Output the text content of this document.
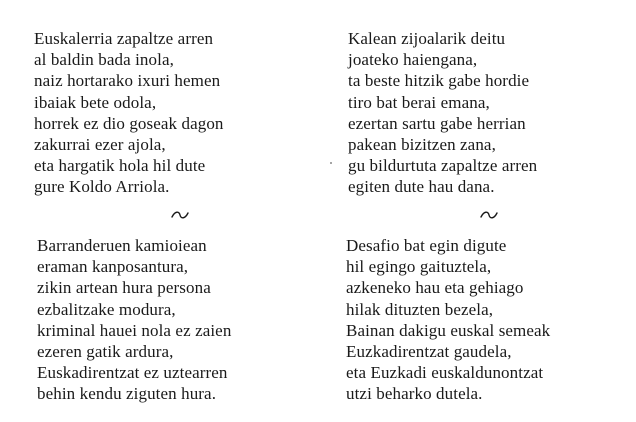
Euskalerria zapaltze arren
al baldin bada inola,
naiz hortarako ixuri hemen
ibaiak bete odola,
horrek ez dio goseak dagon
zakurrai ezer ajola,
eta hargatik hola hil dute
gure Koldo Arriola.
Kalean zijoalarik deitu
joateko haiengana,
ta beste hitzik gabe hordie
tiro bat berai emana,
ezertan sartu gabe herrian
pakean bizitzen zana,
gu bildurtuta zapaltze arren
egiten dute hau dana.
Barranderuen kamioiean
eraman kanposantura,
zikin artean hura persona
ezbalitzake modura,
kriminal hauei nola ez zaien
ezeren gatik ardura,
Euskadirentzat ez uztearren
behin kendu ziguten hura.
Desafio bat egin digute
hil egingo gaituztela,
azkeneko hau eta gehiago
hilak dituzten bezela,
Bainan dakigu euskal semeak
Euzkadirentzat gaudela,
eta Euzkadi euskaldunontzat
utzi beharko dutela.
